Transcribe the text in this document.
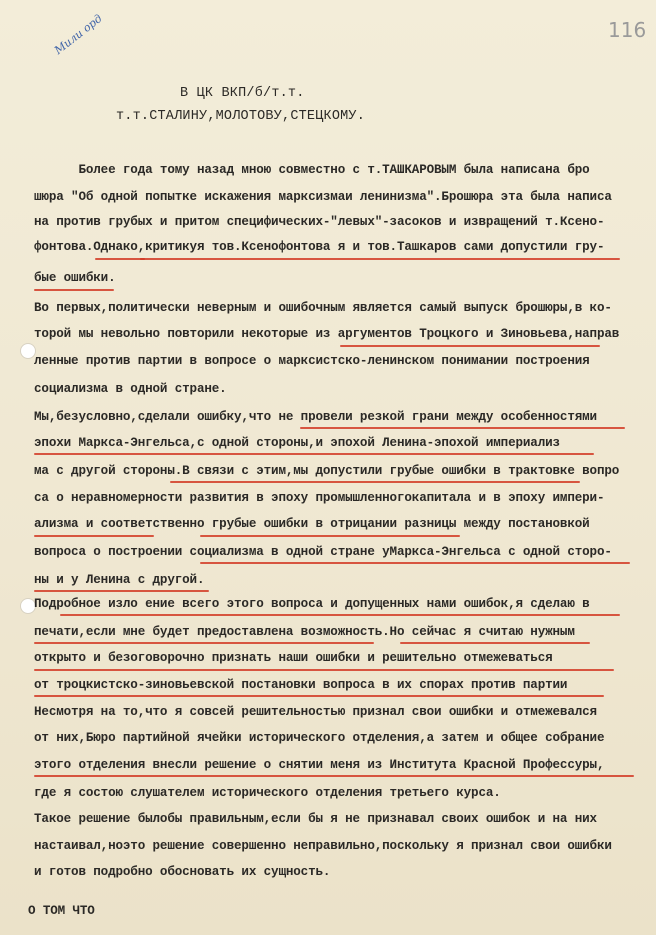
Мили орд	116
В ЦК ВКП/б/т.т.
т.т.СТАЛИНУ,МОЛОТОВУ,СТЕЦКОМУ.
Более года тому назад мною совместно с т.ТАШКАРОВЫМ была написана бро
шюра "Об одной попытке искажения марксизмаи ленинизма".Брошюра эта была написа
на против грубых и притом специфических-"левых"-засоков и извращений т.Ксено-
фонтова.Однако,критикуя тов.Ксенофонтова я и тов.Ташкаров сами допустили гру-
бые ошибки.
Во первых,политически неверным и ошибочным является самый выпуск брошюры,в ко-
торой мы невольно повторили некоторые из аргументов Троцкого и Зиновьева,направ
ленные против партии в вопросе о марксистско-ленинском понимании построения
социализма в одной стране.
Мы,безусловно,сделали ошибку,что не провели резкой грани между особенностями
эпохи Маркса-Энгельса,с одной стороны,и эпохой Ленина-эпохой империализ
ма с другой стороны.В связи с этим,мы допустили грубые ошибки в трактовке вопро
са о неравномерности развития в эпоху промышленногокапитала и в эпоху импери-
ализма и соответственно грубые ошибки в отрицании разницы между постановкой
вопроса о построении социализма в одной стране уМаркса-Энгельса с одной сторо-
ны и у Ленина с другой.
Подробное изло ение всего этого вопроса и допущенных нами ошибок,я сделаю в
печати,если мне будет предоставлена возможность.Но сейчас я считаю нужным
открыто и безоговорочно признать наши ошибки и решительно отмежеваться
от троцкистско-зиновьевской постановки вопроса в их спорах против партии
Несмотря на то,что я совсей решительностью признал свои ошибки и отмежевался
от них,Бюро партийной ячейки исторического отделения,а затем и общее собрание
этого отделения внесли решение о снятии меня из Института Красной Профессуры,
где я состою слушателем исторического отделения третьего курса.
Такое решение былобы правильным,если бы я не признавал своих ошибок и на них
настаивал,ноэто решение совершенно неправильно,поскольку я признал свои ошибки
и готов подробно обосновать их сущность.
О ТОМ ЧТО
